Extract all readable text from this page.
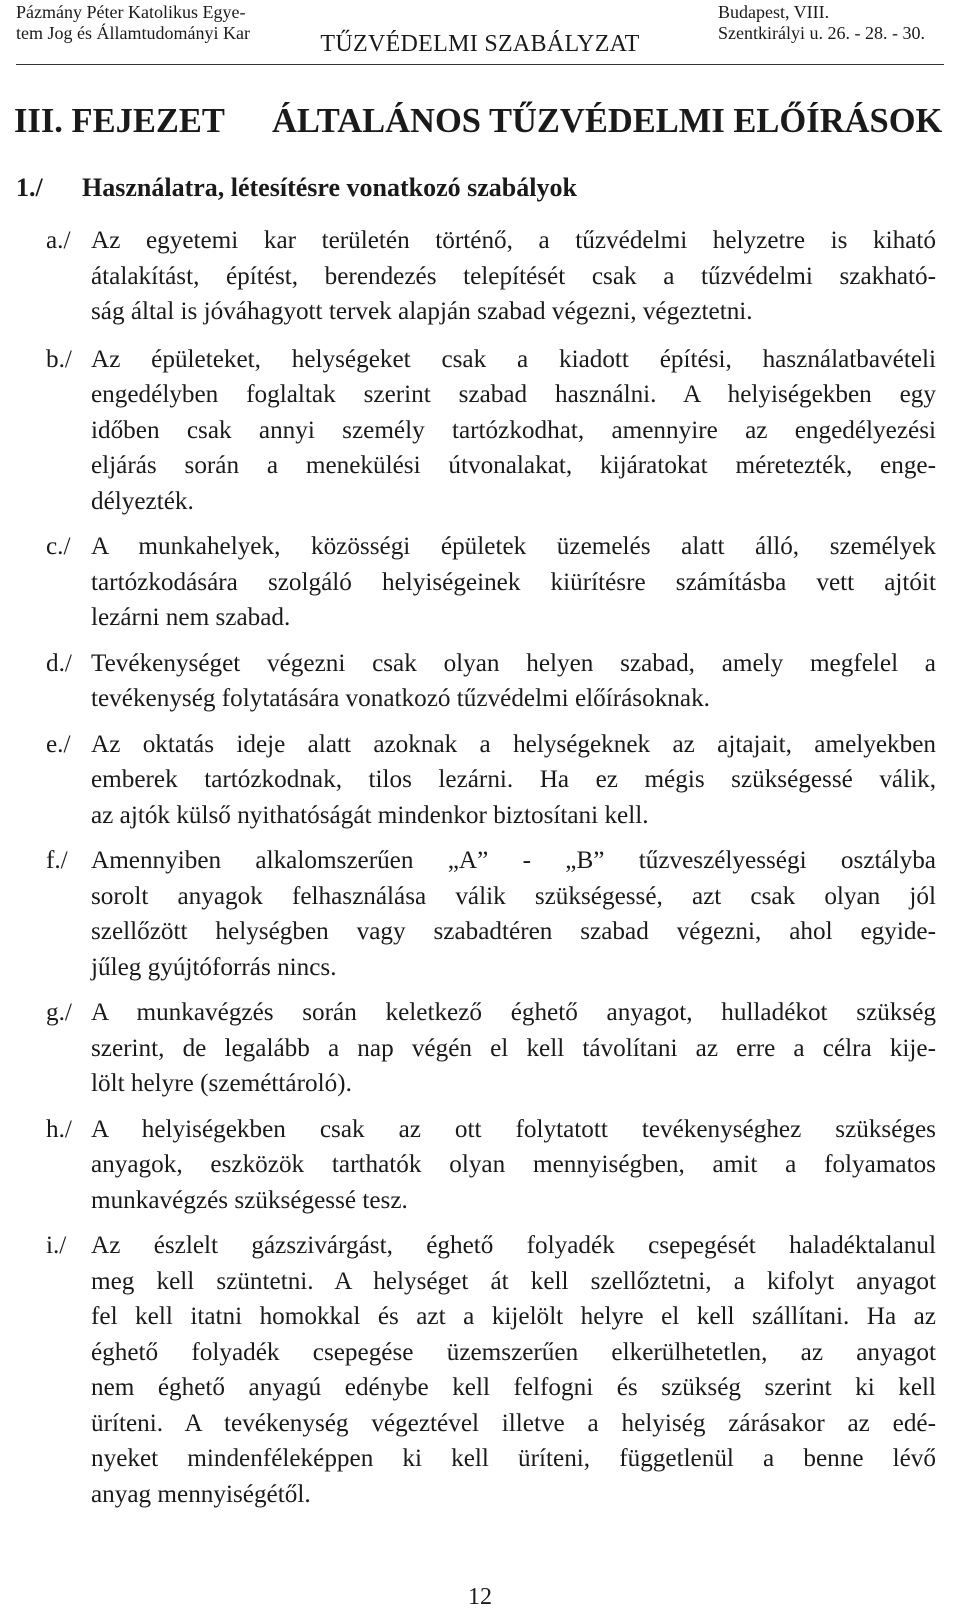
Pázmány Péter Katolikus Egye-
tem Jog és Államtudományi Kar	TŰZVÉDELMI SZABÁLYZAT
Budapest, VIII.
Szentkirályi u. 26. - 28. - 30.
III. FEJEZET ÁLTALÁNOS TŰZVÉDELMI ELŐÍRÁSOK
1./ Használatra, létesítésre vonatkozó szabályok
a./ Az egyetemi kar területén történő, a tűzvédelmi helyzetre is kiható
átalakítást, építést, berendezés telepítését csak a tűzvédelmi szakható-
ság által is jóváhagyott tervek alapján szabad végezni, végeztetni.
b./ Az épületeket, helységeket csak a kiadott építési, használatbavételi
engedélyben foglaltak szerint szabad használni. A helyiségekben egy
időben csak annyi személy tartózkodhat, amennyire az engedélyezési
eljárás során a menekülési útvonalakat, kijáratokat méretezték, enge-
délyezték.
c./ A munkahelyek, közösségi épületek üzemelés alatt álló, személyek
tartózkodására szolgáló helyiségeinek kiürítésre számításba vett ajtóit
lezárni nem szabad.
d./ Tevékenységet végezni csak olyan helyen szabad, amely megfelel a
tevékenység folytatására vonatkozó tűzvédelmi előírásoknak.
e./ Az oktatás ideje alatt azoknak a helységeknek az ajtajait, amelyekben
emberek tartózkodnak, tilos lezárni. Ha ez mégis szükségessé válik,
az ajtók külső nyithatóságát mindenkor biztosítani kell.
f./ Amennyiben alkalomszerűen „A” - „B” tűzveszélyességi osztályba
sorolt anyagok felhasználása válik szükségessé, azt csak olyan jól
szellőzött helységben vagy szabadtéren szabad végezni, ahol egyide-
jűleg gyújtóforrás nincs.
g./ A munkavégzés során keletkező éghető anyagot, hulladékot szükség
szerint, de legalább a nap végén el kell távolítani az erre a célra kije-
lölt helyre (szeméttároló).
h./ A helyiségekben csak az ott folytatott tevékenységhez szükséges
anyagok, eszközök tarthatók olyan mennyiségben, amit a folyamatos
munkavégzés szükségessé tesz.
i./ Az észlelt gázszivárgást, éghető folyadék csepegését haladéktalanul
meg kell szüntetni. A helységet át kell szellőztetni, a kifolyt anyagot
fel kell itatni homokkal és azt a kijelölt helyre el kell szállítani. Ha az
éghető folyadék csepegése üzemszerűen elkerülhetetlen, az anyagot
nem éghető anyagú edénybe kell felfogni és szükség szerint ki kell
üríteni. A tevékenység végeztével illetve a helyiség zárásakor az edé-
nyeket mindenféleképpen ki kell üríteni, függetlenül a benne lévő
anyag mennyiségétől.
12
